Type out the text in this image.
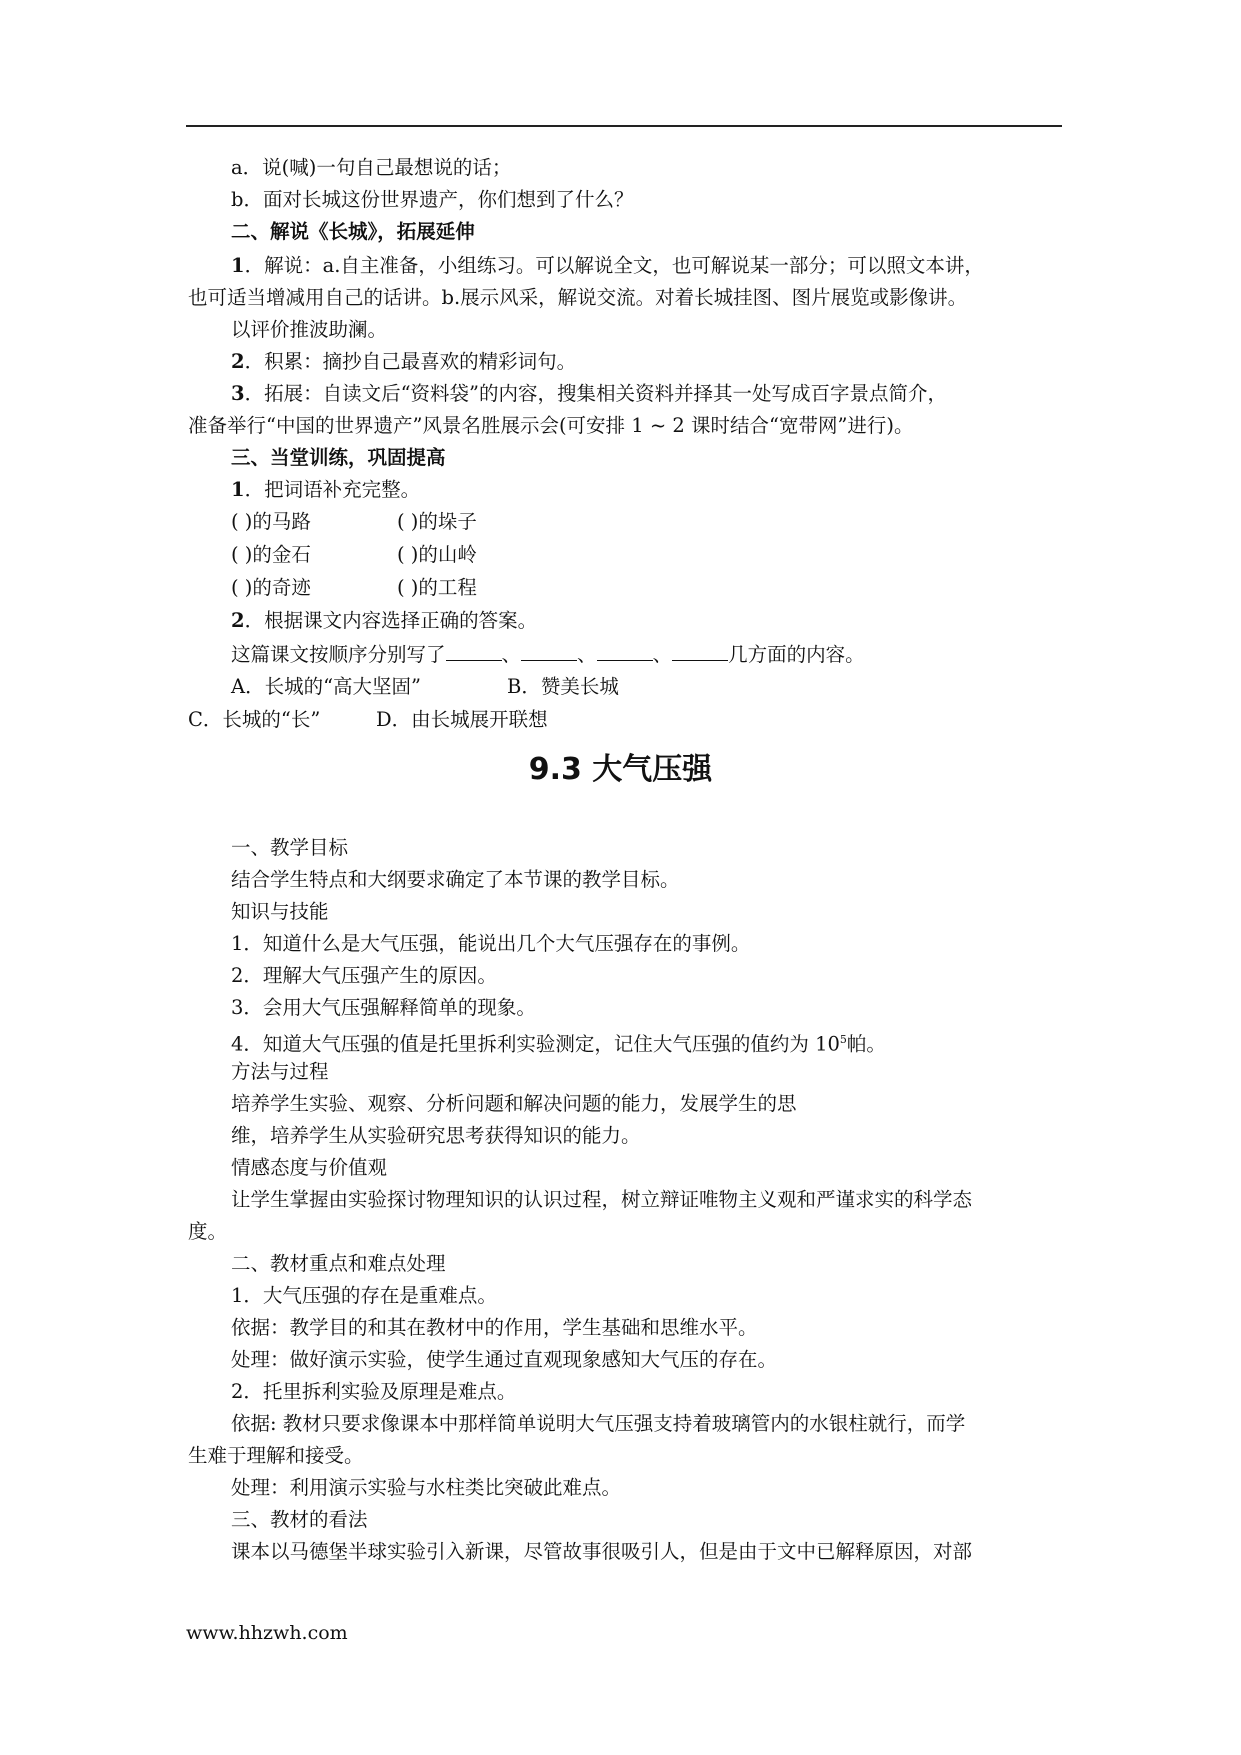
a．说(喊)一句自己最想说的话；
b．面对长城这份世界遗产，你们想到了什么？
二、解说《长城》，拓展延伸
1．解说：a.自主准备，小组练习。可以解说全文，也可解说某一部分；可以照文本讲，
也可适当增减用自己的话讲。b.展示风采，解说交流。对着长城挂图、图片展览或影像讲。
以评价推波助澜。
2．积累：摘抄自己最喜欢的精彩词句。
3．拓展：自读文后“资料袋”的内容，搜集相关资料并择其一处写成百字景点简介，
准备举行“中国的世界遗产”风景名胜展示会(可安排 1 ~ 2 课时结合“宽带网”进行)。
三、当堂训练，巩固提高
1．把词语补充完整。
( )的马路	( )的垛子
( )的金石	( )的山岭
( )的奇迹	( )的工程
2．根据课文内容选择正确的答案。
这篇课文按顺序分别写了	、	、	、	几方面的内容。
A．长城的“高大坚固”	B．赞美长城
C．长城的“长”	D．由长城展开联想
9.3 大气压强
一、教学目标
结合学生特点和大纲要求确定了本节课的教学目标。
知识与技能
1．知道什么是大气压强，能说出几个大气压强存在的事例。
2．理解大气压强产生的原因。
3．会用大气压强解释简单的现象。
4．知道大气压强的值是托里拆利实验测定，记住大气压强的值约为 $10^5$帕。
方法与过程
培养学生实验、观察、分析问题和解决问题的能力，发展学生的思
维，培养学生从实验研究思考获得知识的能力。
情感态度与价值观
让学生掌握由实验探讨物理知识的认识过程，树立辩证唯物主义观和严谨求实的科学态
度。
二、教材重点和难点处理
1．大气压强的存在是重难点。
依据：教学目的和其在教材中的作用，学生基础和思维水平。
处理：做好演示实验，使学生通过直观现象感知大气压的存在。
2．托里拆利实验及原理是难点。
依据: 教材只要求像课本中那样简单说明大气压强支持着玻璃管内的水银柱就行，而学
生难于理解和接受。
处理：利用演示实验与水柱类比突破此难点。
三、教材的看法
课本以马德堡半球实验引入新课，尽管故事很吸引人，但是由于文中已解释原因，对部
www.hhzwh.com
